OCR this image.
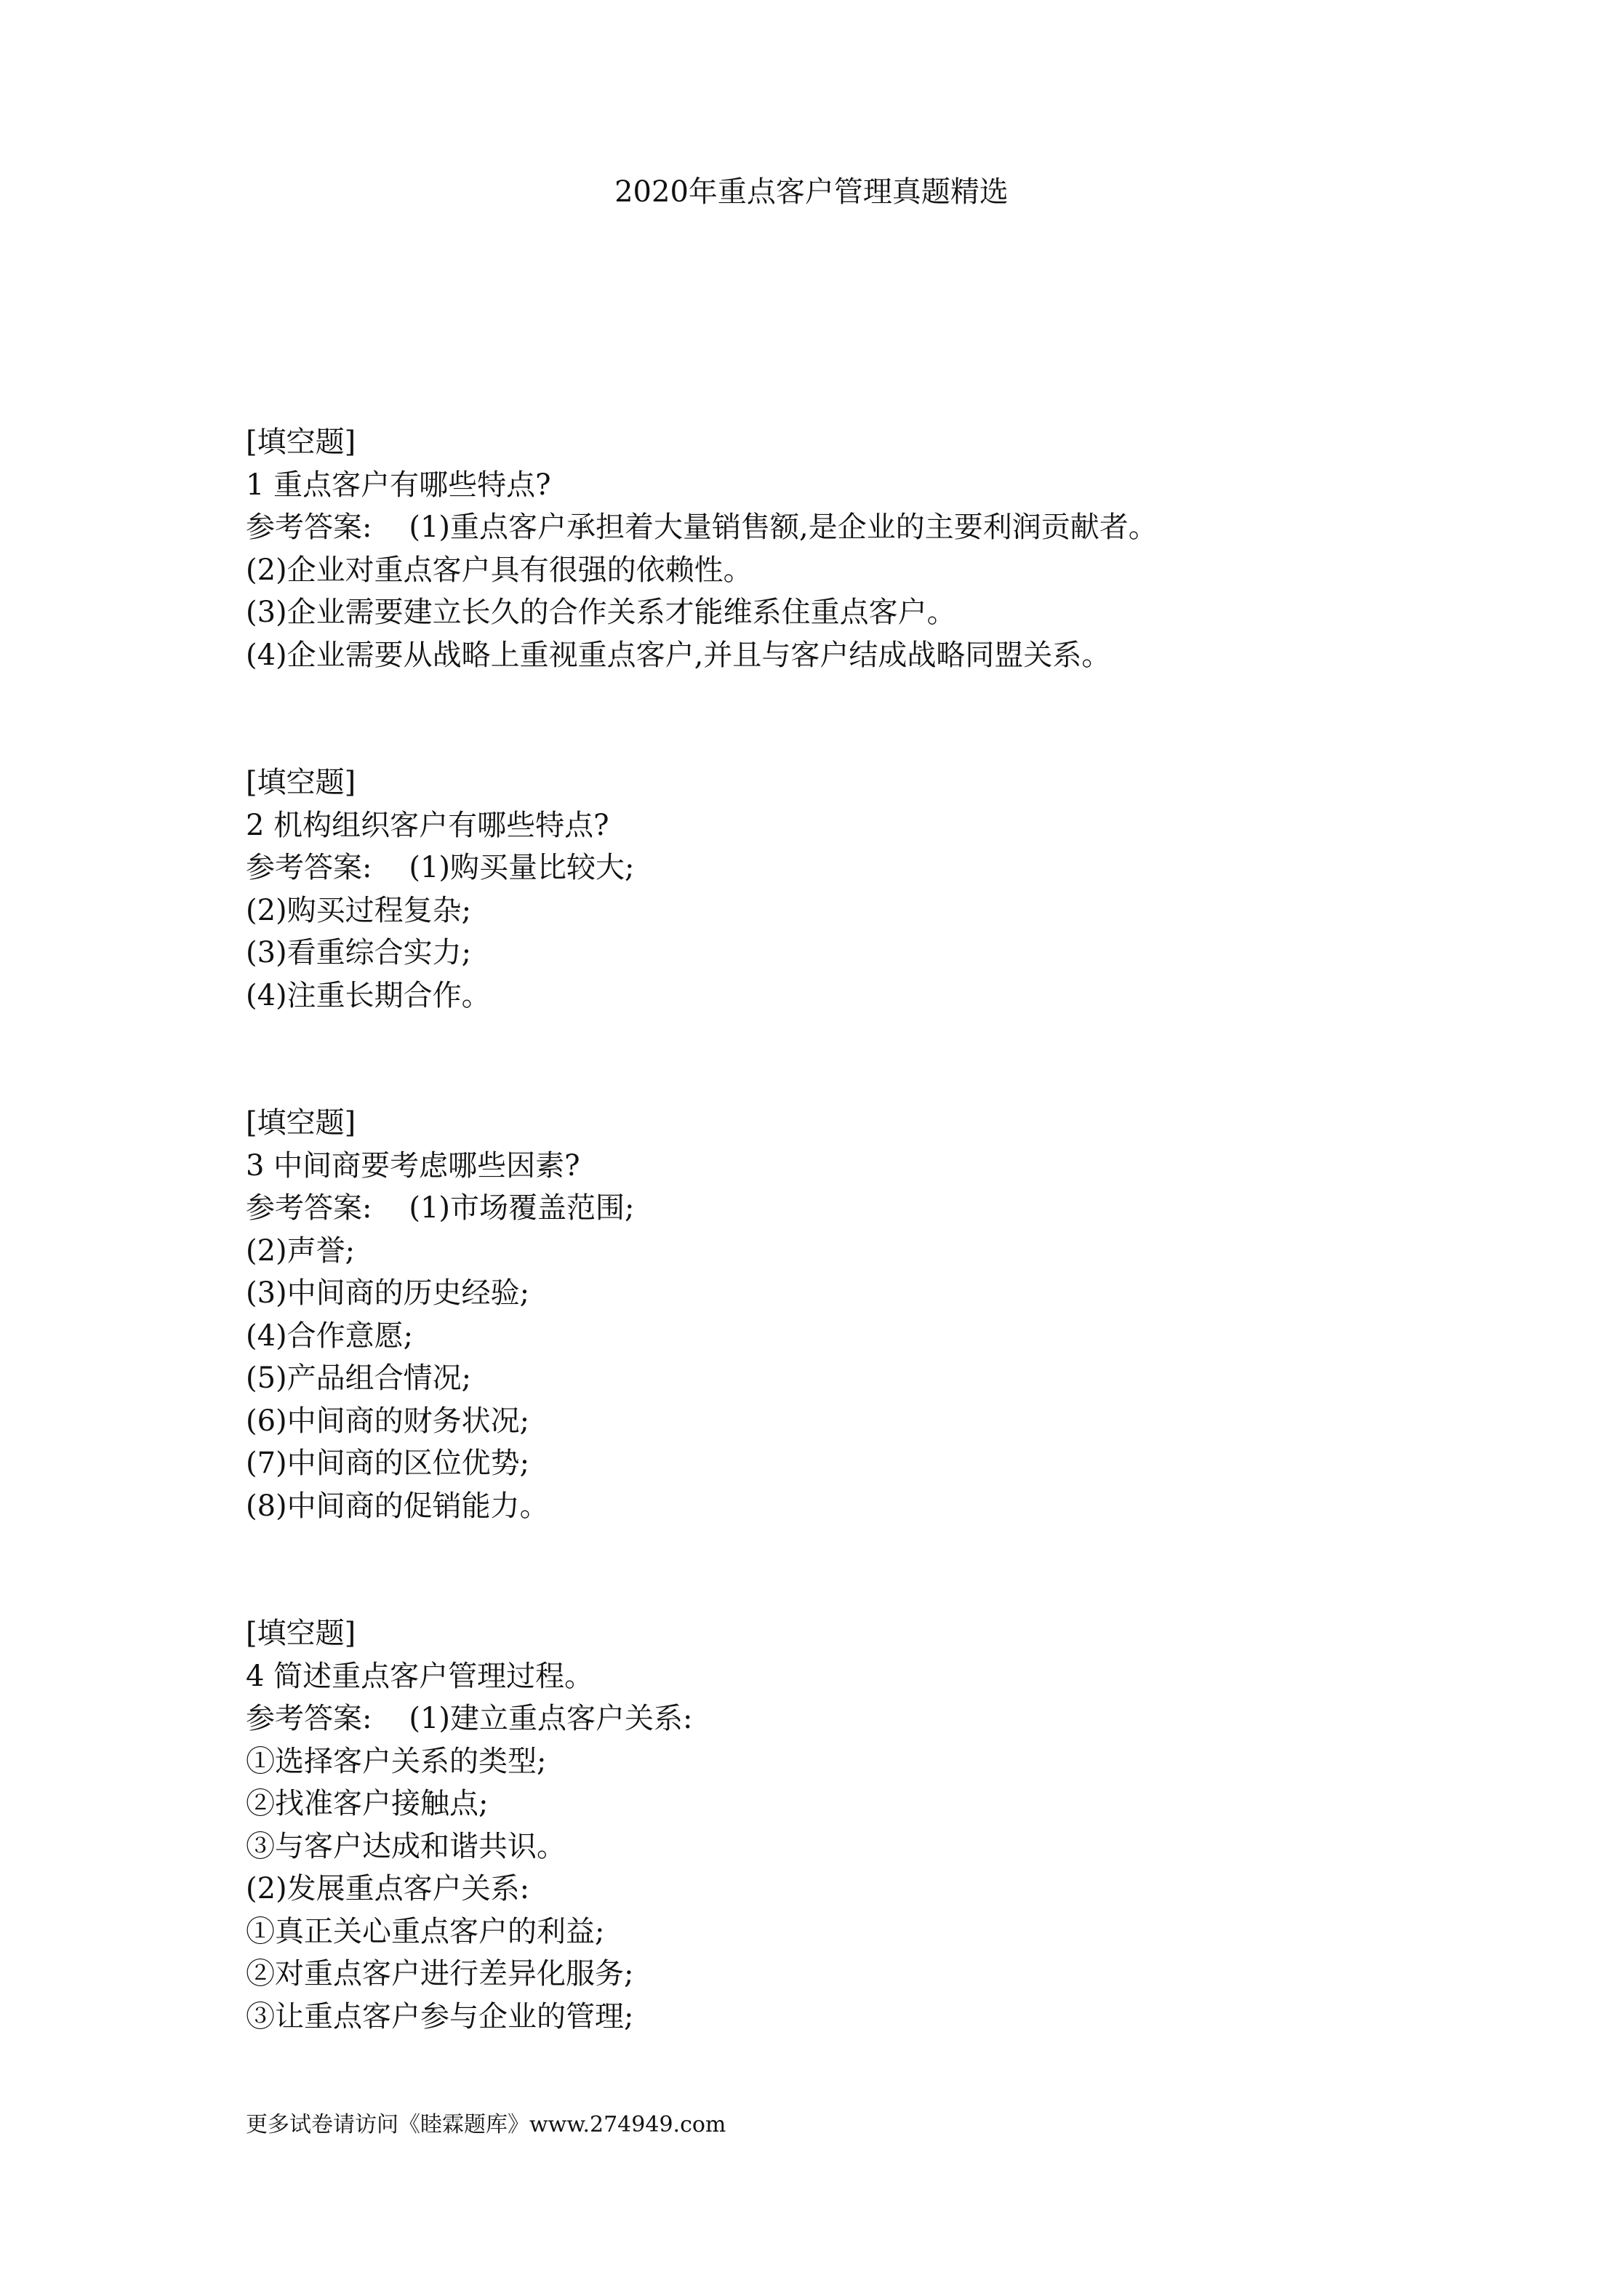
2020年重点客户管理真题精选

[填空题]

1 重点客户有哪些特点?

参考答案: (1)重点客户承担着大量销售额,是企业的主要利润贡献者。

(2)企业对重点客户具有很强的依赖性。

(3)企业需要建立长久的合作关系才能维系住重点客户。

(4)企业需要从战略上重视重点客户,并且与客户结成战略同盟关系。

[填空题]

2 机构组织客户有哪些特点?

参考答案: (1)购买量比较大;

(2)购买过程复杂;

(3)看重综合实力;

(4)注重长期合作。

[填空题]

3 中间商要考虑哪些因素?

参考答案: (1)市场覆盖范围;

(2)声誉;

(3)中间商的历史经验;

(4)合作意愿;

(5)产品组合情况;

(6)中间商的财务状况;

(7)中间商的区位优势;

(8)中间商的促销能力。

[填空题]

4 简述重点客户管理过程。

参考答案: (1)建立重点客户关系:

①选择客户关系的类型;

②找准客户接触点;

③与客户达成和谐共识。

(2)发展重点客户关系:

①真正关心重点客户的利益;

②对重点客户进行差异化服务;

③让重点客户参与企业的管理;

更多试卷请访问《睦霖题库》www.274949.com
